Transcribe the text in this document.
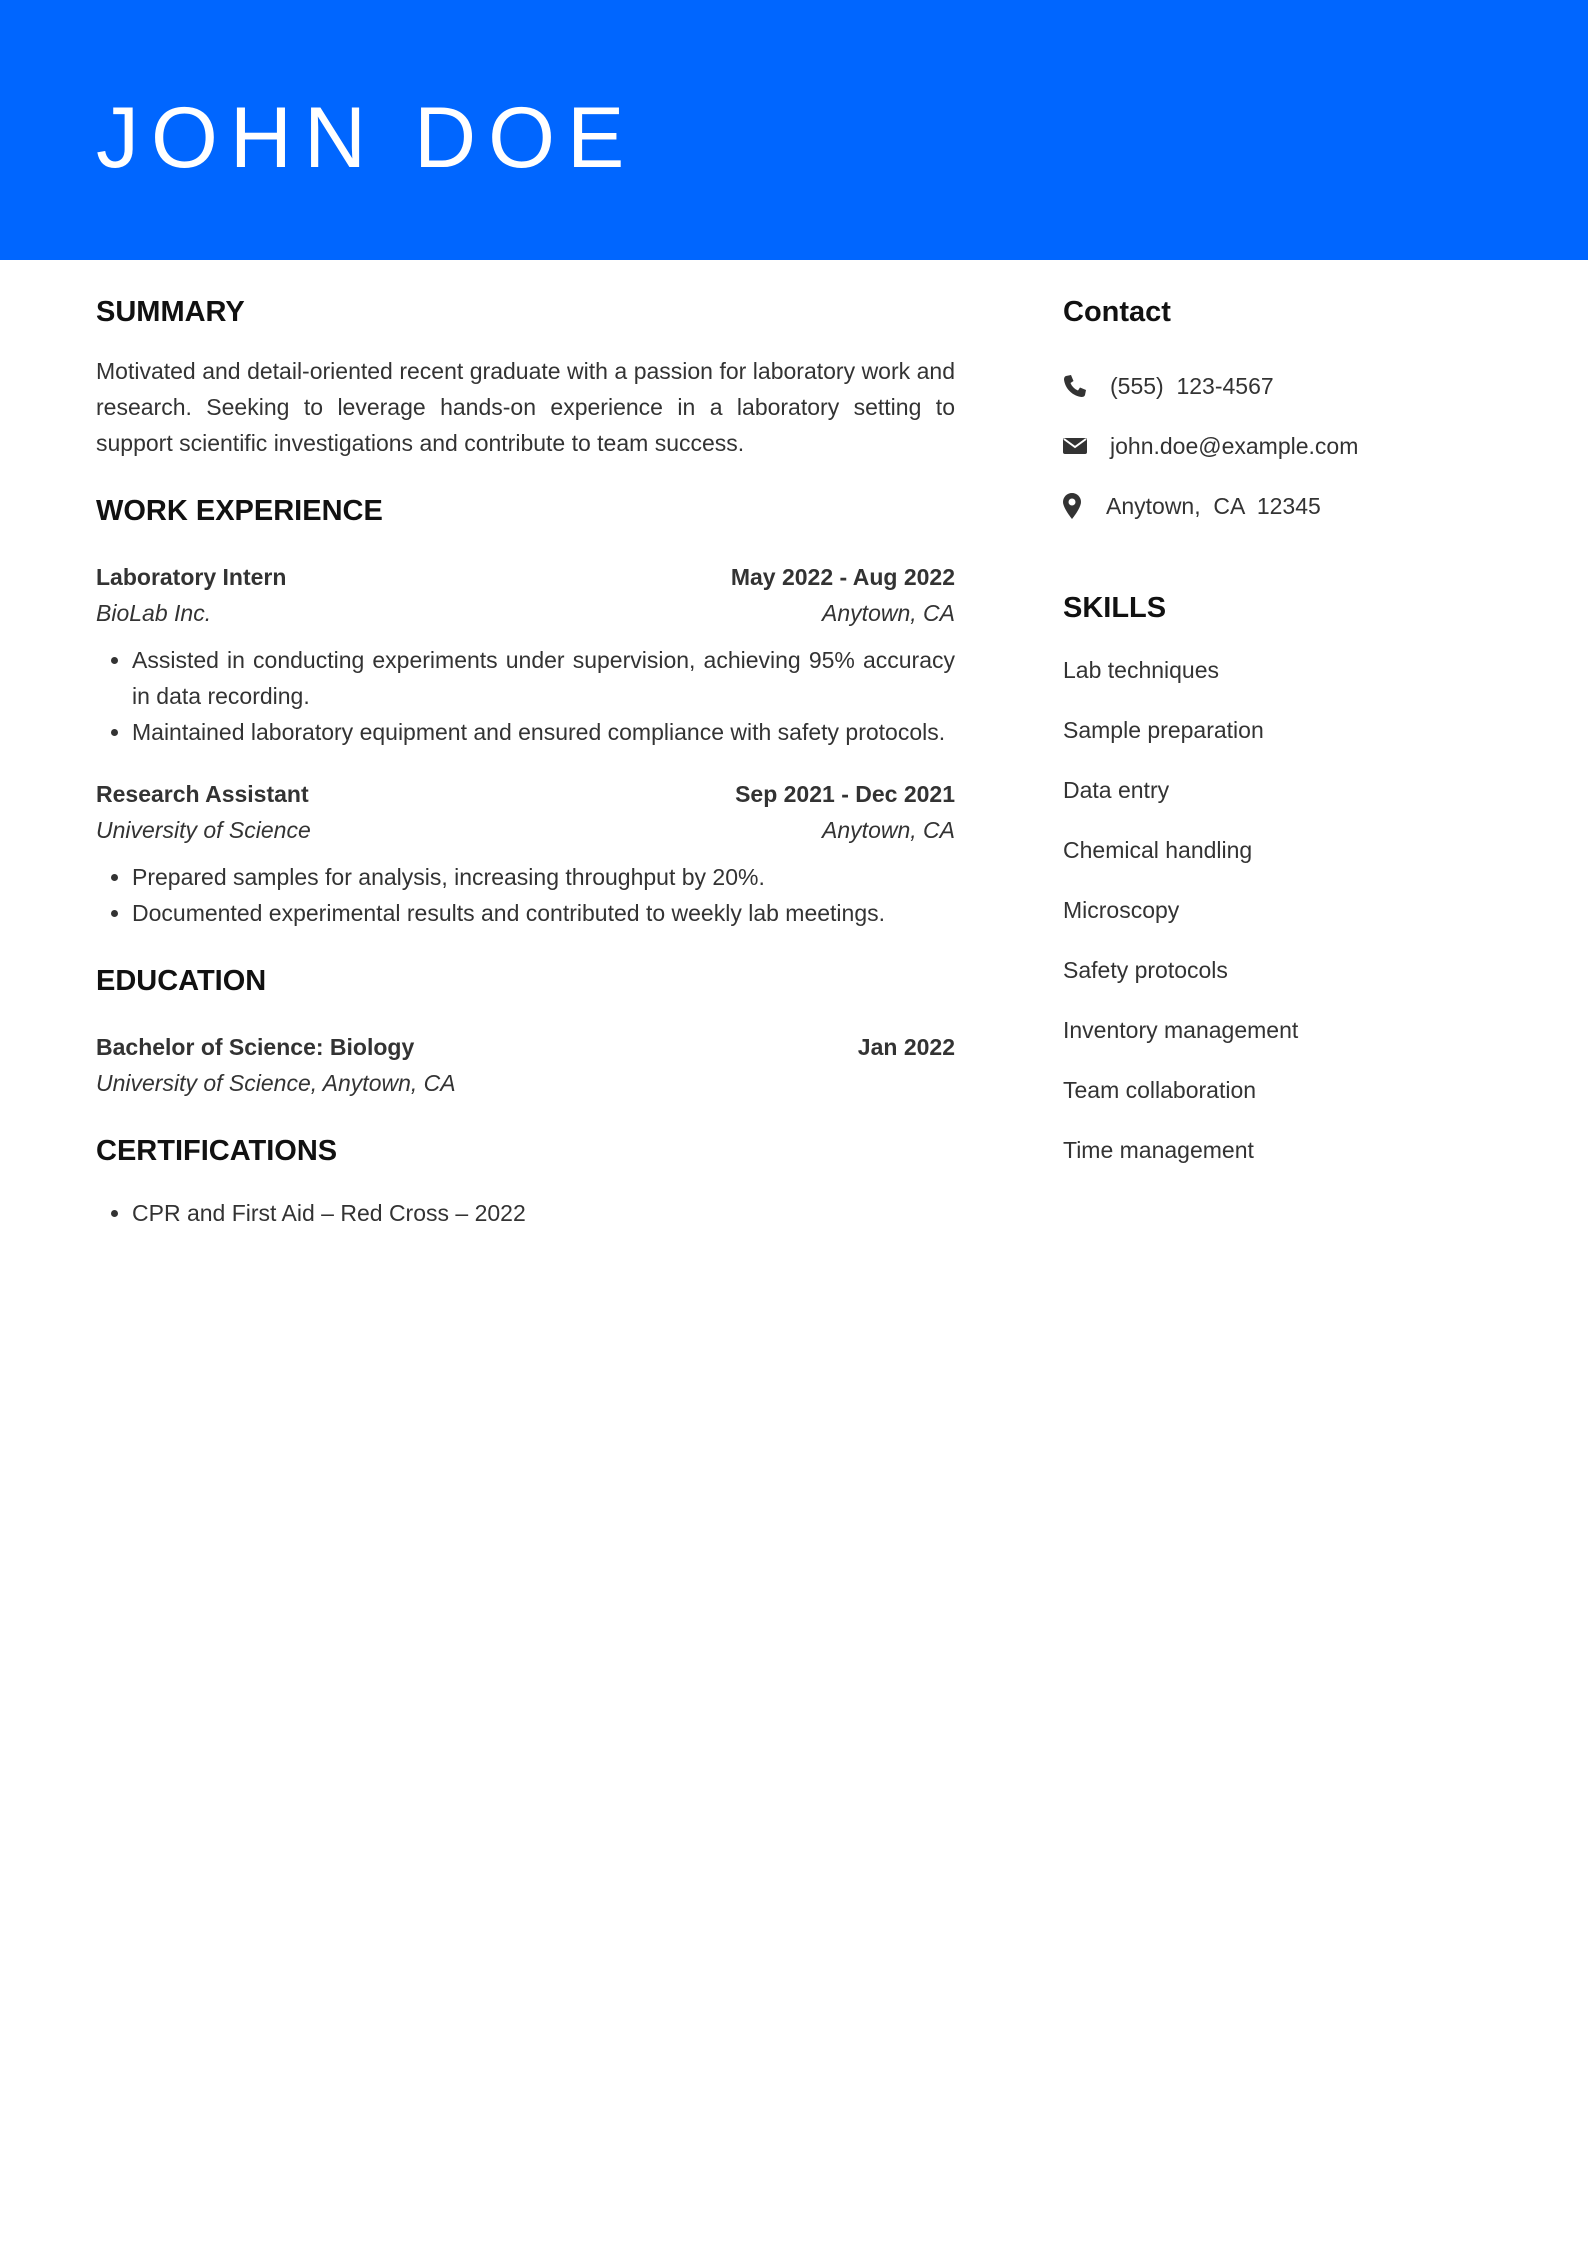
JOHN DOE
SUMMARY

Motivated and detail-oriented recent graduate with a passion for laboratory work and research. Seeking to leverage hands-on experience in a laboratory setting to support scientific investigations and contribute to team success.

WORK EXPERIENCE
Laboratory Intern	May 2022 - Aug 2022
BioLab Inc.	Anytown, CA
• Assisted in conducting experiments under supervision, achieving 95% accuracy in data recording.
• Maintained laboratory equipment and ensured compliance with safety protocols.
Research Assistant	Sep 2021 - Dec 2021
University of Science	Anytown, CA
• Prepared samples for analysis, increasing throughput by 20%.
• Documented experimental results and contributed to weekly lab meetings.
EDUCATION
Bachelor of Science: Biology	Jan 2022
University of Science, Anytown, CA
CERTIFICATIONS
• CPR and First Aid – Red Cross – 2022
Contact
(555)  123-4567
john.doe@example.com
Anytown,  CA  12345
SKILLS
Lab techniques
Sample preparation
Data entry
Chemical handling
Microscopy
Safety protocols
Inventory management
Team collaboration
Time management
